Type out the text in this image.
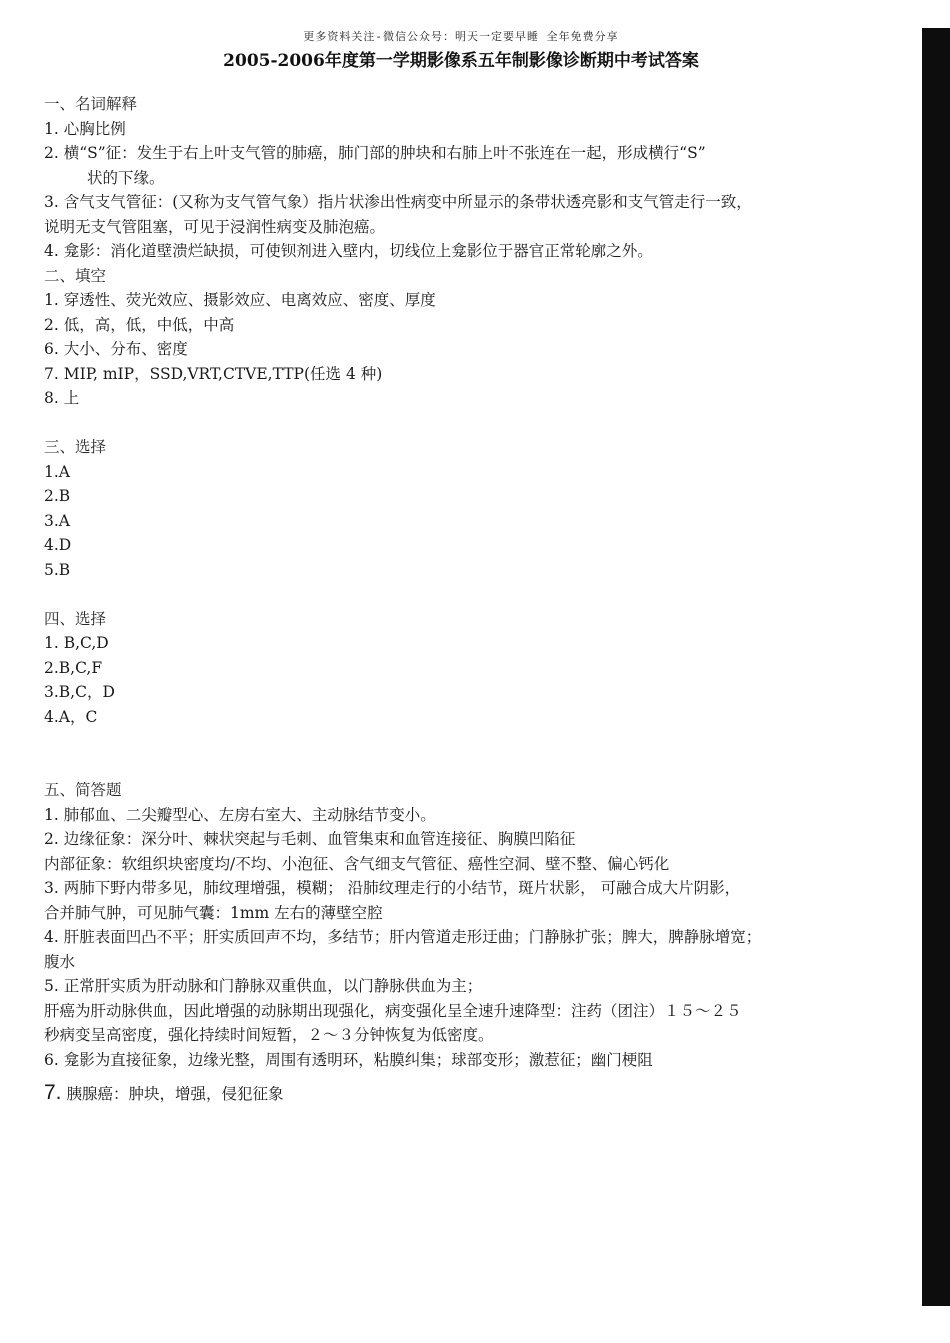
更多资料关注-微信公众号：明天一定要早睡 全年免费分享
2005-2006年度第一学期影像系五年制影像诊断期中考试答案
一、名词解释
1. 心胸比例
2. 横“S”征：发生于右上叶支气管的肺癌，肺门部的肿块和右肺上叶不张连在一起，形成横行“S”
状的下缘。
3. 含气支气管征：(又称为支气管气象）指片状渗出性病变中所显示的条带状透亮影和支气管走行一致，
说明无支气管阻塞，可见于浸润性病变及肺泡癌。
4. 龛影：消化道壁溃烂缺损，可使钡剂进入壁内，切线位上龛影位于器官正常轮廓之外。
二、填空
1. 穿透性、荧光效应、摄影效应、电离效应、密度、厚度
2. 低，高，低，中低，中高
6. 大小、分布、密度
7. MIP, mIP，SSD,VRT,CTVE,TTP(任选 4 种)
8. 上
三、选择
1.A
2.B
3.A
4.D
5.B
四、选择
1. B,C,D
2.B,C,F
3.B,C，D
4.A，C
五、简答题
1. 肺郁血、二尖瓣型心、左房右室大、主动脉结节变小。
2. 边缘征象：深分叶、棘状突起与毛刺、血管集束和血管连接征、胸膜凹陷征
内部征象：软组织块密度均/不均、小泡征、含气细支气管征、癌性空洞、壁不整、偏心钙化
3. 两肺下野内带多见，肺纹理增强，模糊； 沿肺纹理走行的小结节，斑片状影， 可融合成大片阴影，
合并肺气肿，可见肺气囊：1mm 左右的薄壁空腔
4. 肝脏表面凹凸不平；肝实质回声不均，多结节；肝内管道走形迂曲；门静脉扩张；脾大，脾静脉增宽；
腹水
5. 正常肝实质为肝动脉和门静脉双重供血，以门静脉供血为主；
肝癌为肝动脉供血，因此增强的动脉期出现强化，病变强化呈全速升速降型：注药（团注）１５～２５
秒病变呈高密度，强化持续时间短暂，２～３分钟恢复为低密度。
6. 龛影为直接征象，边缘光整，周围有透明环，粘膜纠集；球部变形；激惹征；幽门梗阻
7. 胰腺癌：肿块，增强，侵犯征象
